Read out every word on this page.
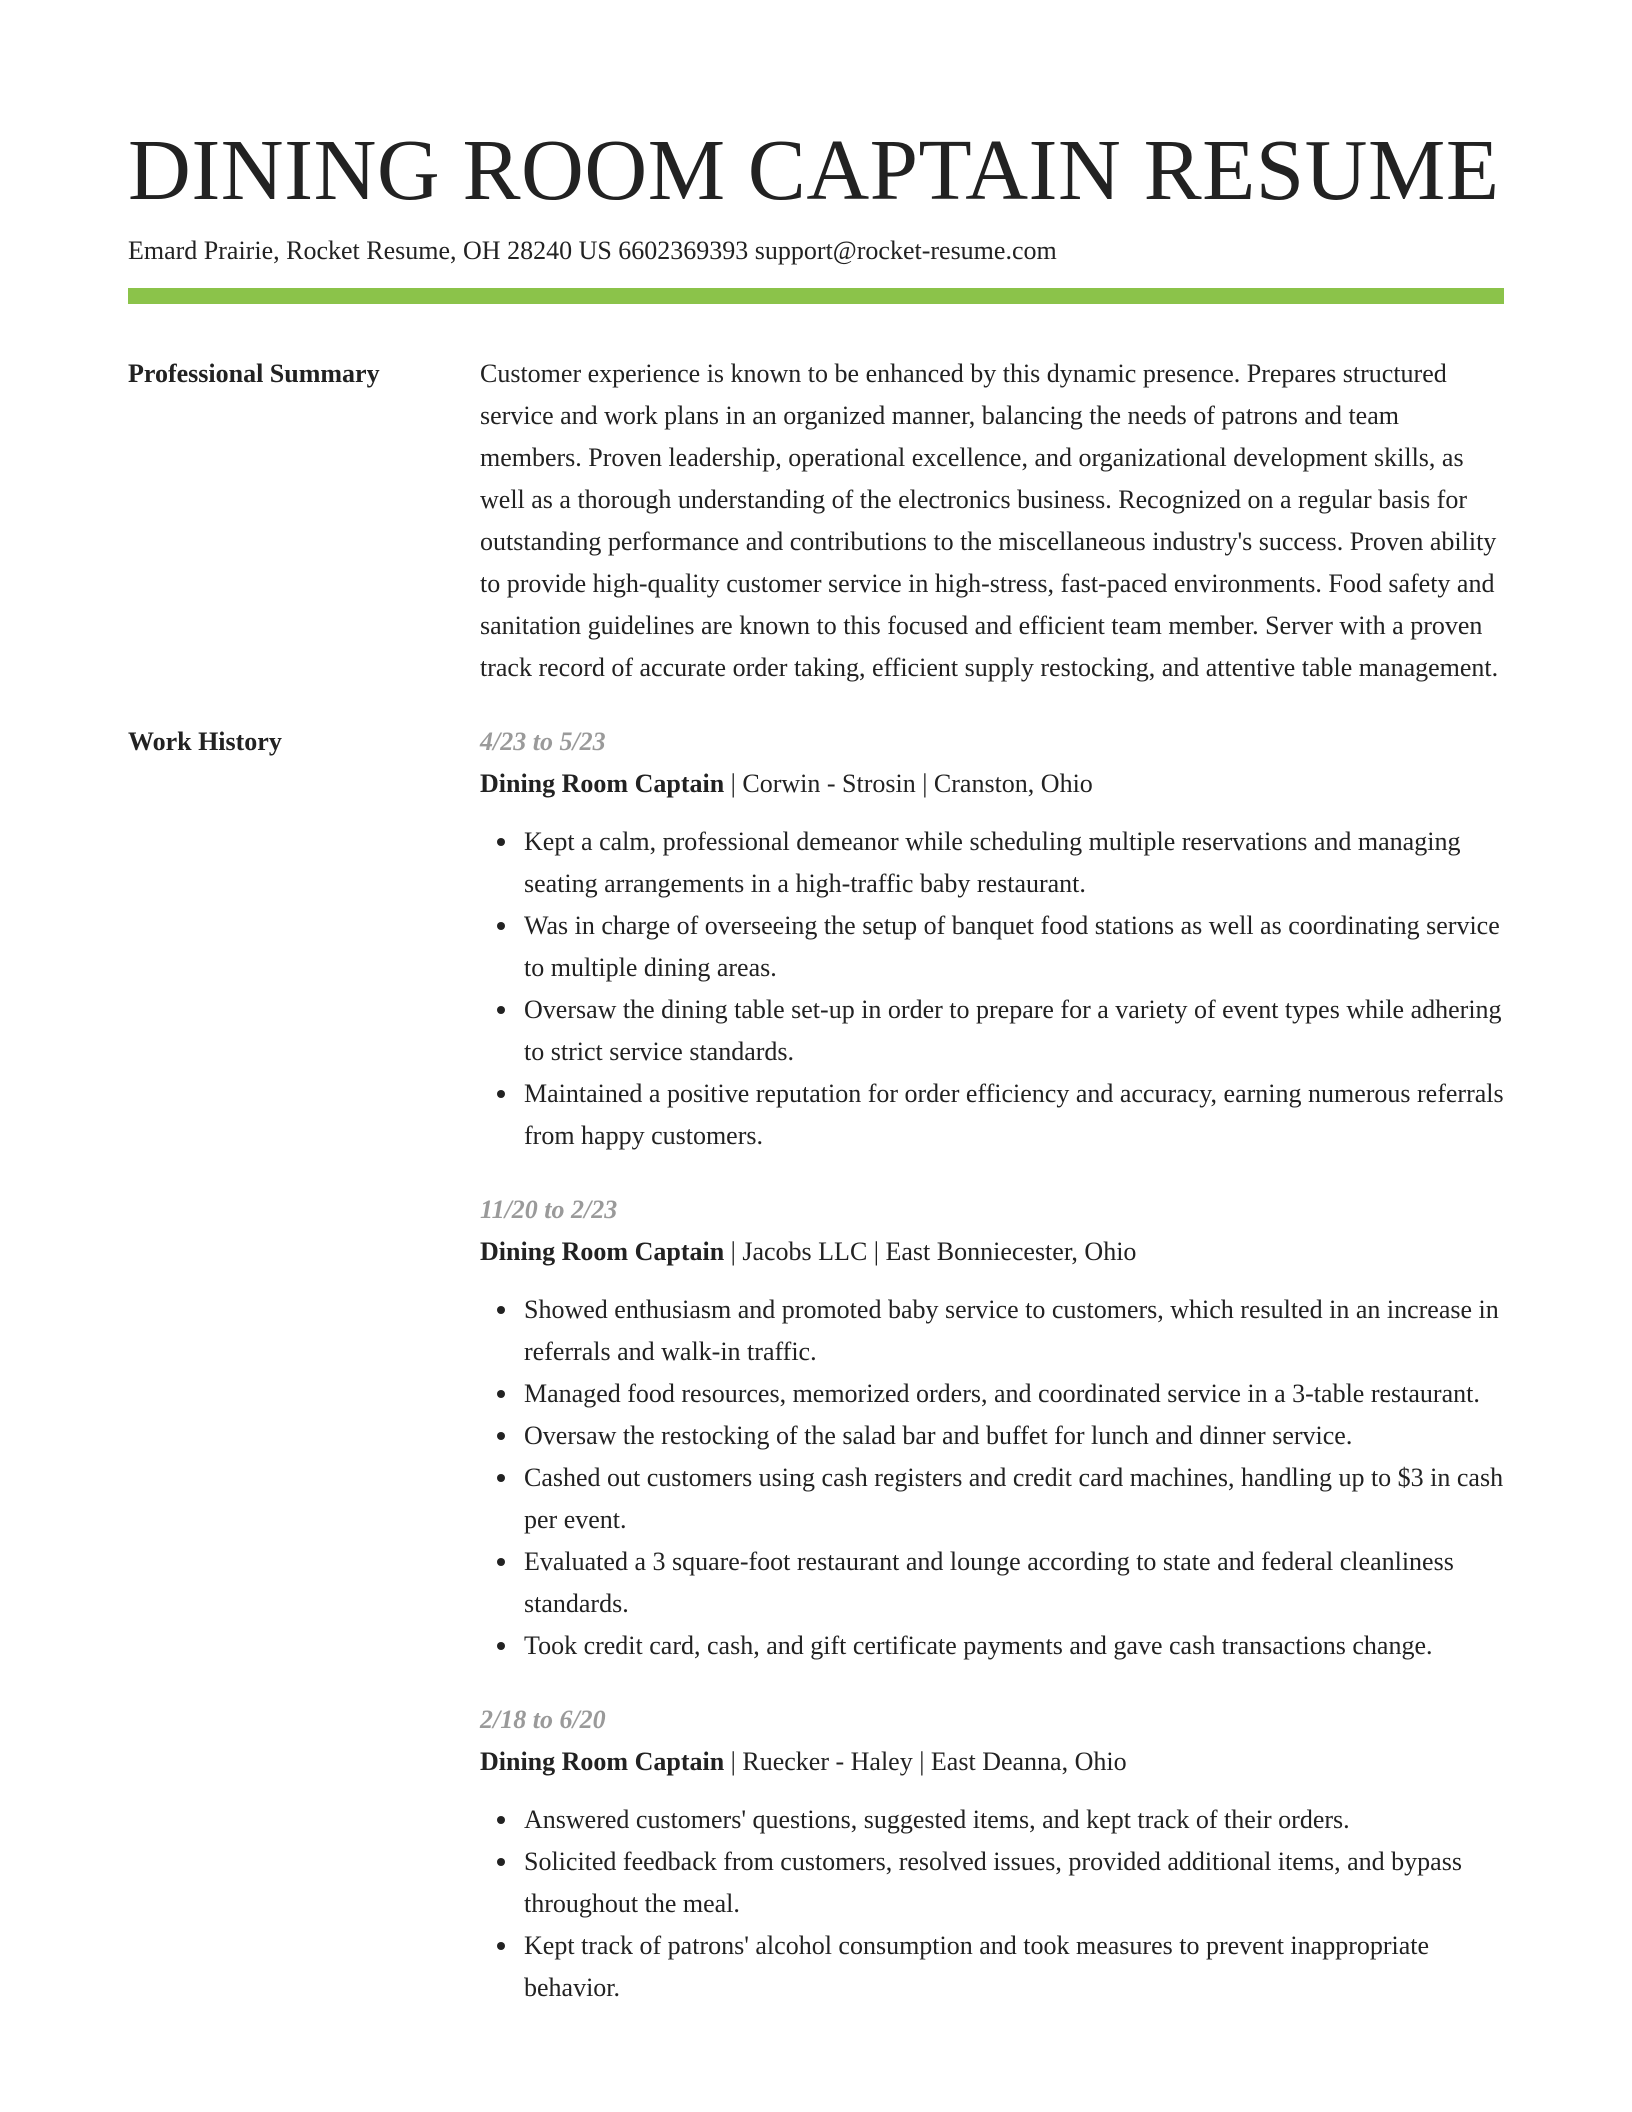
DINING ROOM CAPTAIN RESUME
Emard Prairie, Rocket Resume, OH 28240 US 6602369393 support@rocket-resume.com
Professional Summary	Customer experience is known to be enhanced by this dynamic presence. Prepares structured service and work plans in an organized manner, balancing the needs of patrons and team members. Proven leadership, operational excellence, and organizational development skills, as well as a thorough understanding of the electronics business. Recognized on a regular basis for outstanding performance and contributions to the miscellaneous industry's success. Proven ability to provide high-quality customer service in high-stress, fast-paced environments. Food safety and sanitation guidelines are known to this focused and efficient team member. Server with a proven track record of accurate order taking, efficient supply restocking, and attentive table management.
Work History	4/23 to 5/23
Dining Room Captain | Corwin - Strosin | Cranston, Ohio
Kept a calm, professional demeanor while scheduling multiple reservations and managing seating arrangements in a high-traffic baby restaurant.
Was in charge of overseeing the setup of banquet food stations as well as coordinating service to multiple dining areas.
Oversaw the dining table set-up in order to prepare for a variety of event types while adhering to strict service standards.
Maintained a positive reputation for order efficiency and accuracy, earning numerous referrals from happy customers.
11/20 to 2/23
Dining Room Captain | Jacobs LLC | East Bonniecester, Ohio
Showed enthusiasm and promoted baby service to customers, which resulted in an increase in referrals and walk-in traffic.
Managed food resources, memorized orders, and coordinated service in a 3-table restaurant.
Oversaw the restocking of the salad bar and buffet for lunch and dinner service.
Cashed out customers using cash registers and credit card machines, handling up to $3 in cash per event.
Evaluated a 3 square-foot restaurant and lounge according to state and federal cleanliness standards.
Took credit card, cash, and gift certificate payments and gave cash transactions change.
2/18 to 6/20
Dining Room Captain | Ruecker - Haley | East Deanna, Ohio
Answered customers' questions, suggested items, and kept track of their orders.
Solicited feedback from customers, resolved issues, provided additional items, and bypass throughout the meal.
Kept track of patrons' alcohol consumption and took measures to prevent inappropriate behavior.
